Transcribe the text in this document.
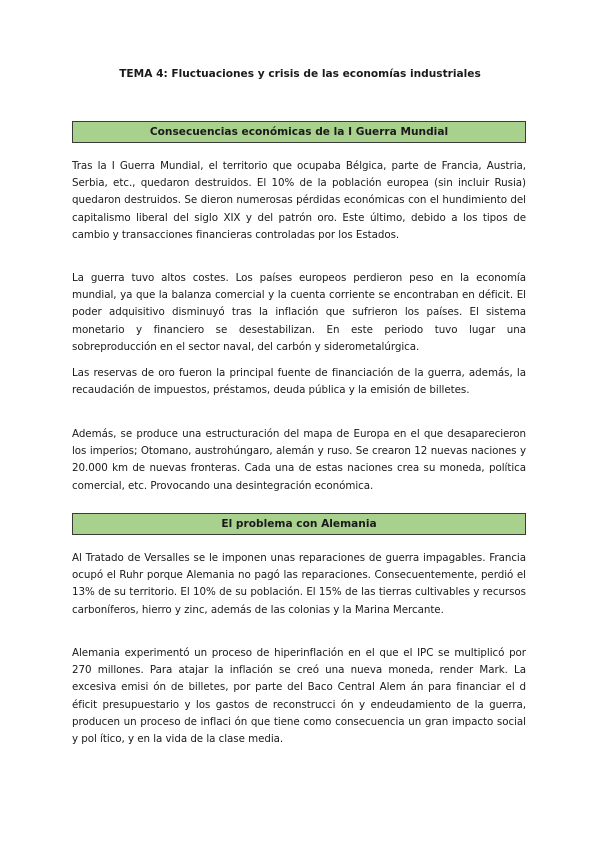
TEMA 4: Fluctuaciones y crisis de las economías industriales
Consecuencias económicas de la I Guerra Mundial

Tras la I Guerra Mundial, el territorio que ocupaba Bélgica, parte de Francia, Austria, Serbia, etc., quedaron destruidos. El 10% de la población europea (sin incluir Rusia) quedaron destruidos. Se dieron numerosas pérdidas económicas con el hundimiento del capitalismo liberal del siglo XIX y del patrón oro. Este último, debido a los tipos de cambio y transacciones financieras controladas por los Estados.

La guerra tuvo altos costes. Los países europeos perdieron peso en la economía mundial, ya que la balanza comercial y la cuenta corriente se encontraban en déficit. El poder adquisitivo disminuyó tras la inflación que sufrieron los países. El sistema monetario y financiero se desestabilizan. En este periodo tuvo lugar una sobreproducción en el sector naval, del carbón y siderometalúrgica.

Las reservas de oro fueron la principal fuente de financiación de la guerra, además, la recaudación de impuestos, préstamos, deuda pública y la emisión de billetes.

Además, se produce una estructuración del mapa de Europa en el que desaparecieron los imperios; Otomano, austrohúngaro, alemán y ruso. Se crearon 12 nuevas naciones y 20.000 km de nuevas fronteras. Cada una de estas naciones crea su moneda, política comercial, etc. Provocando una desintegración económica.

El problema con Alemania

Al Tratado de Versalles se le imponen unas reparaciones de guerra impagables. Francia ocupó el Ruhr porque Alemania no pagó las reparaciones. Consecuentemente, perdió el 13% de su territorio. El 10% de su población. El 15% de las tierras cultivables y recursos carboníferos, hierro y zinc, además de las colonias y la Marina Mercante.

Alemania experimentó un proceso de hiperinflación en el que el IPC se multiplicó por 270 millones. Para atajar la inflación se creó una nueva moneda, render Mark. La excesiva emisi ón de billetes, por parte del Baco Central Alem án para financiar el d éficit presupuestario y los gastos de reconstrucci ón y endeudamiento de la guerra, producen un proceso de inflaci ón que tiene como consecuencia un gran impacto social y pol ítico, y en la vida de la clase media.
